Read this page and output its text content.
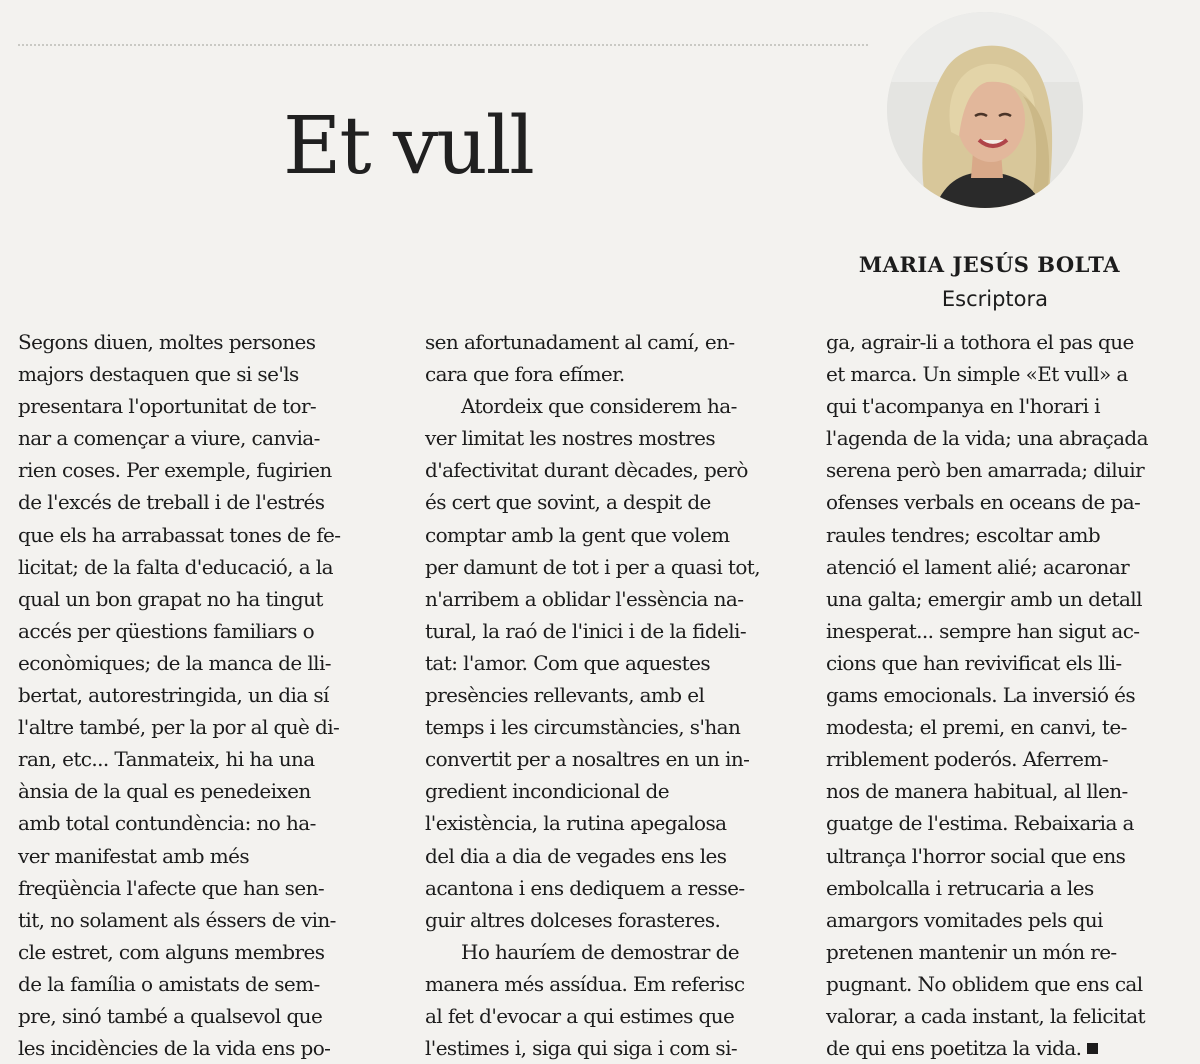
Et vull
MARIA JESÚS BOLTA
Escriptora
Segons diuen, moltes persones
majors destaquen que si se'ls
presentara l'oportunitat de tor-
nar a començar a viure, canvia-
rien coses. Per exemple, fugirien
de l'excés de treball i de l'estrés
que els ha arrabassat tones de fe-
licitat; de la falta d'educació, a la
qual un bon grapat no ha tingut
accés per qüestions familiars o
econòmiques; de la manca de lli-
bertat, autorestringida, un dia sí
l'altre també, per la por al què di-
ran, etc... Tanmateix, hi ha una
ànsia de la qual es penedeixen
amb total contundència: no ha-
ver manifestat amb més
freqüència l'afecte que han sen-
tit, no solament als éssers de vin-
cle estret, com alguns membres
de la família o amistats de sem-
pre, sinó també a qualsevol que
les incidències de la vida ens po-
sen afortunadament al camí, en-
cara que fora efímer.
Atordeix que considerem ha-
ver limitat les nostres mostres
d'afectivitat durant dècades, però
és cert que sovint, a despit de
comptar amb la gent que volem
per damunt de tot i per a quasi tot,
n'arribem a oblidar l'essència na-
tural, la raó de l'inici i de la fideli-
tat: l'amor. Com que aquestes
presències rellevants, amb el
temps i les circumstàncies, s'han
convertit per a nosaltres en un in-
gredient incondicional de
l'existència, la rutina apegalosa
del dia a dia de vegades ens les
acantona i ens dediquem a resse-
guir altres dolceses forasteres.
Ho hauríem de demostrar de
manera més assídua. Em referisc
al fet d'evocar a qui estimes que
l'estimes i, siga qui siga i com si-
ga, agrair-li a tothora el pas que
et marca. Un simple «Et vull» a
qui t'acompanya en l'horari i
l'agenda de la vida; una abraçada
serena però ben amarrada; diluir
ofenses verbals en oceans de pa-
raules tendres; escoltar amb
atenció el lament alié; acaronar
una galta; emergir amb un detall
inesperat... sempre han sigut ac-
cions que han revivificat els lli-
gams emocionals. La inversió és
modesta; el premi, en canvi, te-
rriblement poderós. Aferrem-
nos de manera habitual, al llen-
guatge de l'estima. Rebaixaria a
ultrança l'horror social que ens
embolcalla i retrucaria a les
amargors vomitades pels qui
pretenen mantenir un món re-
pugnant. No oblidem que ens cal
valorar, a cada instant, la felicitat
de qui ens poetitza la vida.
